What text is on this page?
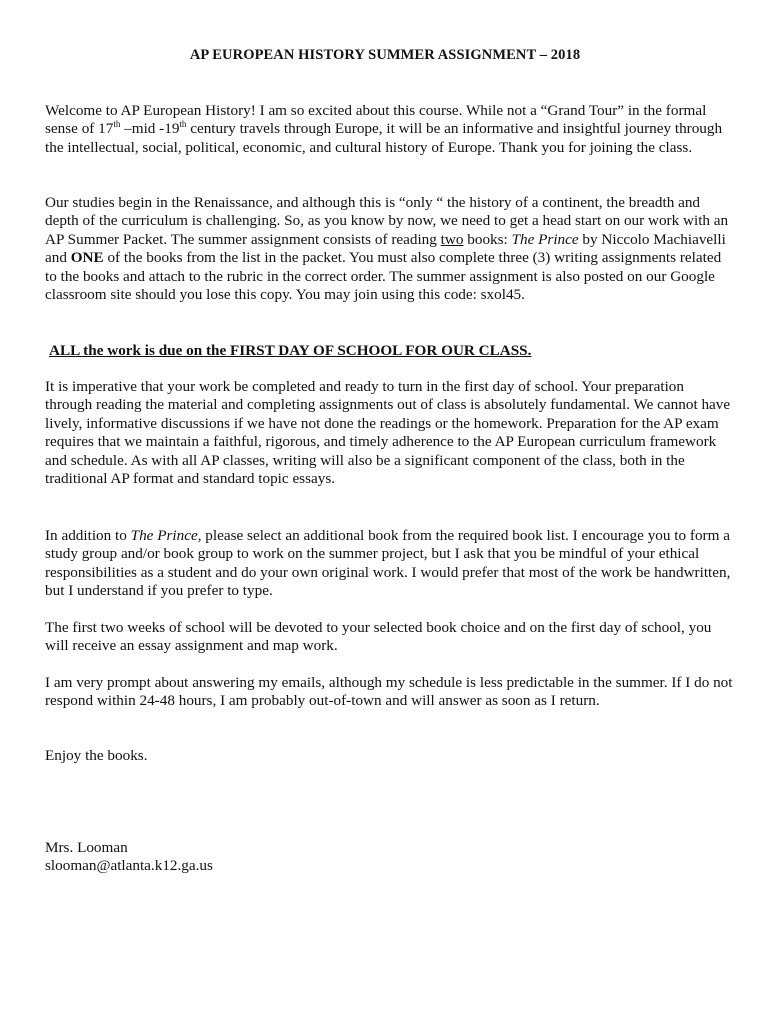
AP EUROPEAN HISTORY SUMMER ASSIGNMENT – 2018

Welcome to AP European History! I am so excited about this course. While not a “Grand Tour” in the formal sense of 17th –mid -19th century travels through Europe, it will be an informative and insightful journey through the intellectual, social, political, economic, and cultural history of Europe. Thank you for joining the class.

Our studies begin in the Renaissance, and although this is “only “ the history of a continent, the breadth and depth of the curriculum is challenging. So, as you know by now, we need to get a head start on our work with an AP Summer Packet. The summer assignment consists of reading two books: The Prince by Niccolo Machiavelli and ONE of the books from the list in the packet. You must also complete three (3) writing assignments related to the books and attach to the rubric in the correct order. The summer assignment is also posted on our Google classroom site should you lose this copy. You may join using this code: sxol45.

ALL the work is due on the FIRST DAY OF SCHOOL FOR OUR CLASS.

It is imperative that your work be completed and ready to turn in the first day of school. Your preparation through reading the material and completing assignments out of class is absolutely fundamental. We cannot have lively, informative discussions if we have not done the readings or the homework. Preparation for the AP exam requires that we maintain a faithful, rigorous, and timely adherence to the AP European curriculum framework and schedule. As with all AP classes, writing will also be a significant component of the class, both in the traditional AP format and standard topic essays.

In addition to The Prince, please select an additional book from the required book list. I encourage you to form a study group and/or book group to work on the summer project, but I ask that you be mindful of your ethical responsibilities as a student and do your own original work. I would prefer that most of the work be handwritten, but I understand if you prefer to type.

The first two weeks of school will be devoted to your selected book choice and on the first day of school, you will receive an essay assignment and map work.

I am very prompt about answering my emails, although my schedule is less predictable in the summer. If I do not respond within 24-48 hours, I am probably out-of-town and will answer as soon as I return.

Enjoy the books.

Mrs. Looman
slooman@atlanta.k12.ga.us
